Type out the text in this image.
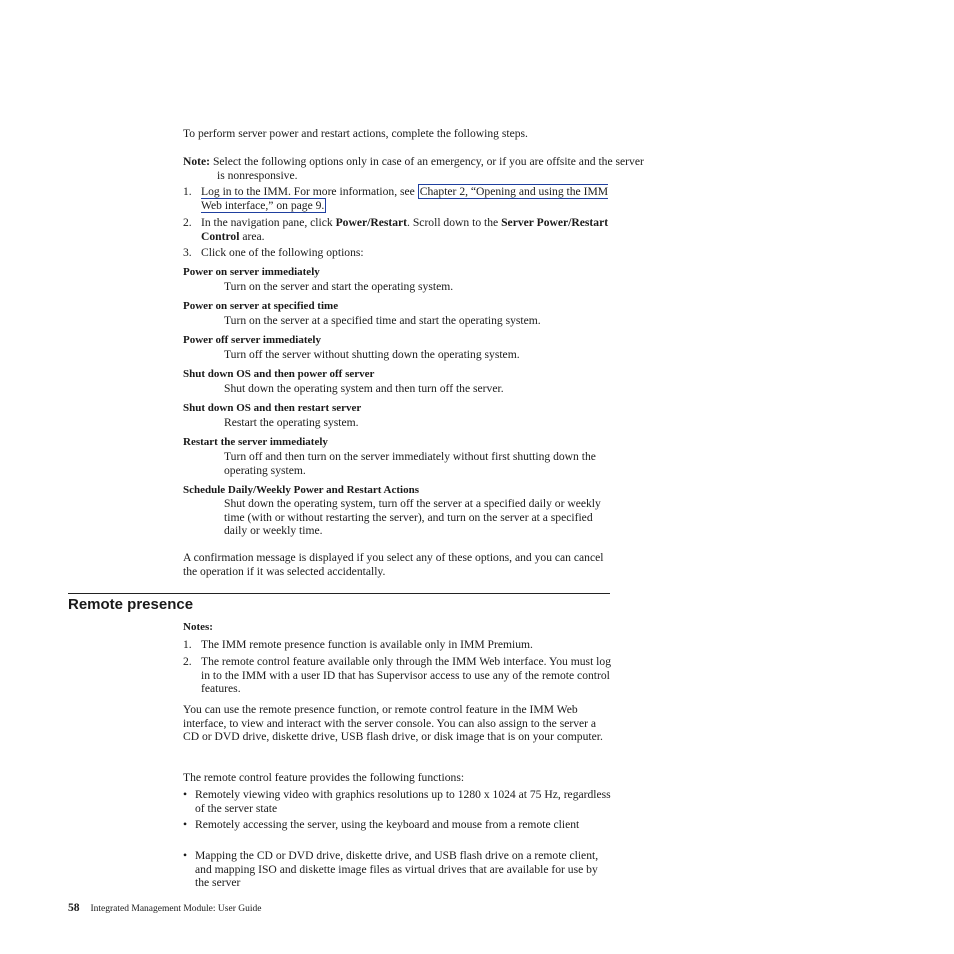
To perform server power and restart actions, complete the following steps.

Note: Select the following options only in case of an emergency, or if you are offsite and the server is nonresponsive.

1. Log in to the IMM. For more information, see Chapter 2, “Opening and using the IMM Web interface,” on page 9.
2. In the navigation pane, click Power/Restart. Scroll down to the Server Power/Restart Control area.
3. Click one of the following options:
Power on server immediately
Turn on the server and start the operating system.
Power on server at specified time
Turn on the server at a specified time and start the operating system.
Power off server immediately
Turn off the server without shutting down the operating system.
Shut down OS and then power off server
Shut down the operating system and then turn off the server.
Shut down OS and then restart server
Restart the operating system.
Restart the server immediately
Turn off and then turn on the server immediately without first shutting down the operating system.
Schedule Daily/Weekly Power and Restart Actions
Shut down the operating system, turn off the server at a specified daily or weekly time (with or without restarting the server), and turn on the server at a specified daily or weekly time.

A confirmation message is displayed if you select any of these options, and you can cancel the operation if it was selected accidentally.

Remote presence
Notes:
1. The IMM remote presence function is available only in IMM Premium.
2. The remote control feature available only through the IMM Web interface. You must log in to the IMM with a user ID that has Supervisor access to use any of the remote control features.

You can use the remote presence function, or remote control feature in the IMM Web interface, to view and interact with the server console. You can also assign to the server a CD or DVD drive, diskette drive, USB flash drive, or disk image that is on your computer.

The remote control feature provides the following functions:

• Remotely viewing video with graphics resolutions up to 1280 x 1024 at 75 Hz, regardless of the server state
• Remotely accessing the server, using the keyboard and mouse from a remote client
• Mapping the CD or DVD drive, diskette drive, and USB flash drive on a remote client, and mapping ISO and diskette image files as virtual drives that are available for use by the server
58 Integrated Management Module: User Guide
